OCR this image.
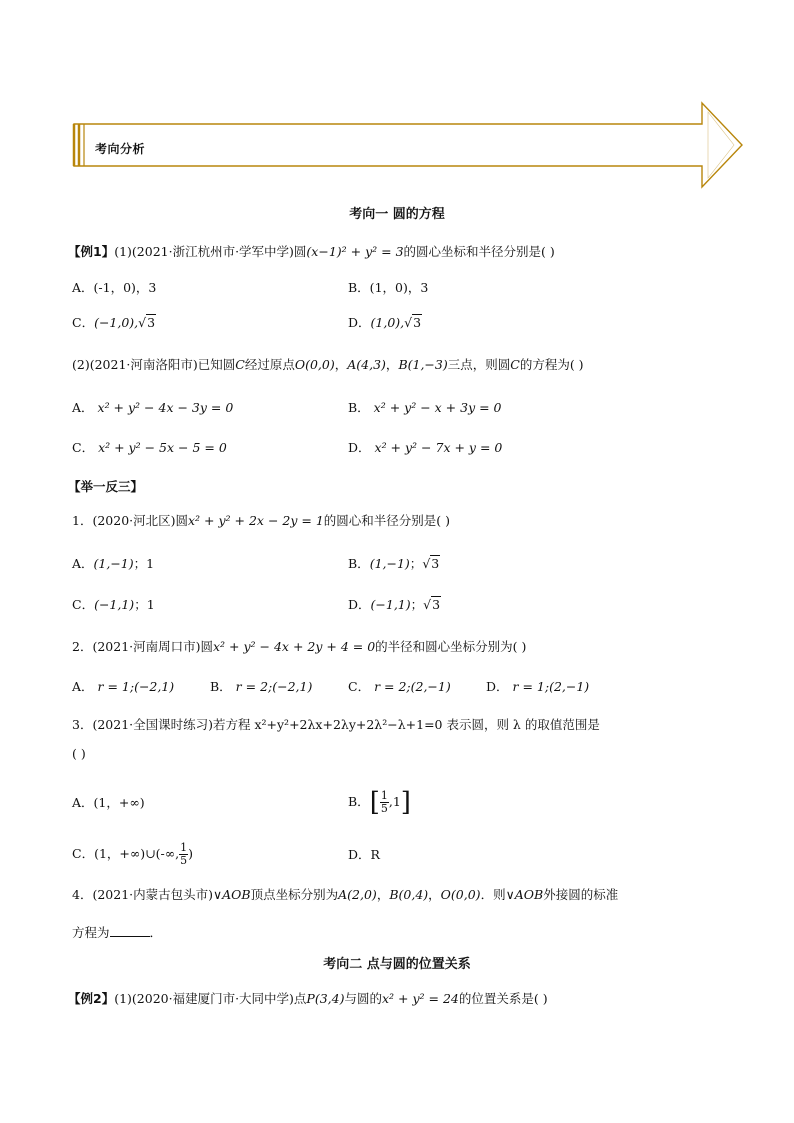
考向分析
考向一 圆的方程
【例1】(1)(2021·浙江杭州市·学军中学)圆(x−1)² + y² = 3的圆心坐标和半径分别是( )
A．(-1，0)，3	B．(1，0)，3
C．(−1,0),√3	D．(1,0),√3
(2)(2021·河南洛阳市)已知圆C经过原点O(0,0)，A(4,3)，B(1,−3)三点，则圆C的方程为( )
A． x² + y² − 4x − 3y = 0	B． x² + y² − x + 3y = 0
C． x² + y² − 5x − 5 = 0	D． x² + y² − 7x + y = 0
【举一反三】
1．(2020·河北区)圆x² + y² + 2x − 2y = 1的圆心和半径分别是( )
A．(1,−1)；1	B．(1,−1)；√3
C．(−1,1)；1	D．(−1,1)；√3
2．(2021·河南周口市)圆x² + y² − 4x + 2y + 4 = 0的半径和圆心坐标分别为( )
A． r = 1;(−2,1)	B． r = 2;(−2,1)	C． r = 2;(2,−1)	D． r = 1;(2,−1)
3．(2021·全国课时练习)若方程 x²+y²+2λx+2λy+2λ²−λ+1=0 表示圆，则 λ 的取值范围是
( )
A．(1，+∞)	B．[ $\frac{1}{5} ,1$]
C．(1，+∞)∪(-∞, $\frac{1}{5}$ )	D．R
4．(2021·内蒙古包头市)∨AOB顶点坐标分别为A(2,0)，B(0,4)，O(0,0)．则∨AOB外接圆的标准
方程为	．
考向二 点与圆的位置关系
【例2】(1)(2020·福建厦门市·大同中学)点P(3,4)与圆的x² + y² = 24的位置关系是( )
